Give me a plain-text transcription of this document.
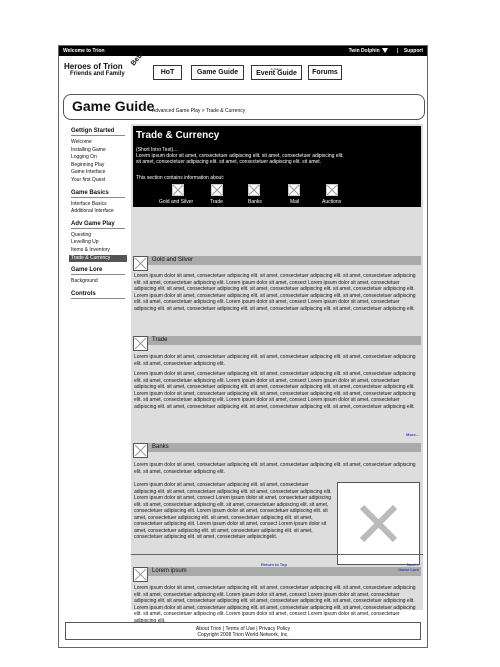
Welcome to Trion	Twin Dolphin	| Support
Heroes of Trion
Friends and Family
Beta
HoT	Game Guide	In-Game
Event Guide	Forums
Game Guide
Advanced Game Play > Trade & Currency
Gettign Started
Welcome
Installing Game
Logging On
Beginning Play
Game Interface
Your first Quest
Game Basics
Interface Basics
Additional Interface
Adv Game Play
Questing
Levelling Up
Items & Inventory
Trade & Currency
Game Lore
Background
Controls
Trade & Currency
(Short Intro Text)...
Lorem ipsum dolor sit amet, consectetuer adipiscing elit. sit amet, consectetuer adipiscing elit.
sit amet, consectetuer adipiscing elit. sit amet, consectetuer adipiscing elit. sit amet.
This section contains information about:
Gold and Silver	Trade	Banks	Mail	Auctions
Gold and Silver
Lorem ipsum dolor sit amet, consectetuer adipiscing elit. sit amet, consectetuer adipiscing elit. sit amet, consectetuer adipiscing elit. sit amet, consectetuer adipiscing elit. Lorem ipsum dolor sit amet, consect Lorem ipsum dolor sit amet, consectetuer adipiscing elit. sit amet, consectetuer adipiscing elit. sit amet, consectetuer adipiscing elit. sit amet, consectetuer adipiscing elit. Lorem ipsum dolor sit amet, consectetuer adipiscing elit. sit amet, consectetuer adipiscing elit. sit amet, consectetuer adipiscing elit. sit amet, consectetuer adipiscing elit. Lorem ipsum dolor sit amet, consect Lorem ipsum dolor sit amet, consectetuer adipiscing elit. sit amet, consectetuer adipiscing elit. sit amet, consectetuer adipiscing elit. sit amet, consectetuer adipiscing elit.
Trade
Lorem ipsum dolor sit amet, consectetuer adipiscing elit. sit amet, consectetuer adipiscing elit. sit amet, consectetuer adipiscing elit. sit amet, consectetuer adipiscing elit.
Lorem ipsum dolor sit amet, consectetuer adipiscing elit. sit amet, consectetuer adipiscing elit. sit amet, consectetuer adipiscing elit. sit amet, consectetuer adipiscing elit. Lorem ipsum dolor sit amet, consect Lorem ipsum dolor sit amet, consectetuer adipiscing elit. sit amet, consectetuer adipiscing elit. sit amet, consectetuer adipiscing elit. sit amet, consectetuer adipiscing elit. Lorem ipsum dolor sit amet, consectetuer adipiscing elit. sit amet, consectetuer adipiscing elit. sit amet, consectetuer adipiscing elit. sit amet, consectetuer adipiscing elit. Lorem ipsum dolor sit amet, consect Lorem ipsum dolor sit amet, consectetuer adipiscing elit. sit amet, consectetuer adipiscing elit. sit amet, consectetuer adipiscing elit. sit amet, consectetuer adipiscing elit.
More...
Banks
Lorem ipsum dolor sit amet, consectetuer adipiscing elit. sit amet, consectetuer adipiscing elit. sit amet, consectetuer adipiscing elit. sit amet, consectetuer adipiscing elit.
Lorem ipsum dolor sit amet, consectetuer adipiscing elit. sit amet, consectetuer adipiscing elit. sit amet, consectetuer adipiscing elit. sit amet, consectetuer adipiscing elit. Lorem ipsum dolor sit amet, consect Lorem ipsum dolor sit amet, consectetuer adipiscing elit. sit amet, consectetuer adipiscing elit. sit amet, consectetuer adipiscing elit. sit amet, consectetuer adipiscing elit. Lorem ipsum dolor sit amet, consectetuer adipiscing elit. sit amet, consectetuer adipiscing elit. sit amet, consectetuer adipiscing elit. sit amet, consectetuer adipiscing elit. Lorem ipsum dolor sit amet, consect Lorem ipsum dolor sit amet, consectetuer adipiscing elit. sit amet, consectetuer adipiscing elit. sit amet, consectetuer adipiscing elit. sit amet, consectetuer adipiscingelit.
Lorem ipsum
Lorem ipsum dolor sit amet, consectetuer adipiscing elit. sit amet, consectetuer adipiscing elit. sit amet, consectetuer adipiscing elit. sit amet, consectetuer adipiscing elit. Lorem ipsum dolor sit amet, consect Lorem ipsum dolor sit amet, consectetuer adipiscing elit. sit amet, consectetuer adipiscing elit. sit amet, consectetuer adipiscing elit. sit amet, consectetuer adipiscing elit. Lorem ipsum dolor sit amet, consectetuer adipiscing elit. sit amet, consectetuer adipiscing elit. sit amet, consectetuer adipiscing elit. sit amet, consectetuer adipiscing elit. Lorem ipsum dolor sit amet, consect Lorem ipsum dolor sit amet, consectetuer adipiscing elit.
Return to Top	Next >
Game Lore
About Trion | Terms of Use | Privacy Policy
Copyright 2008 Trion World Network, Inc.
